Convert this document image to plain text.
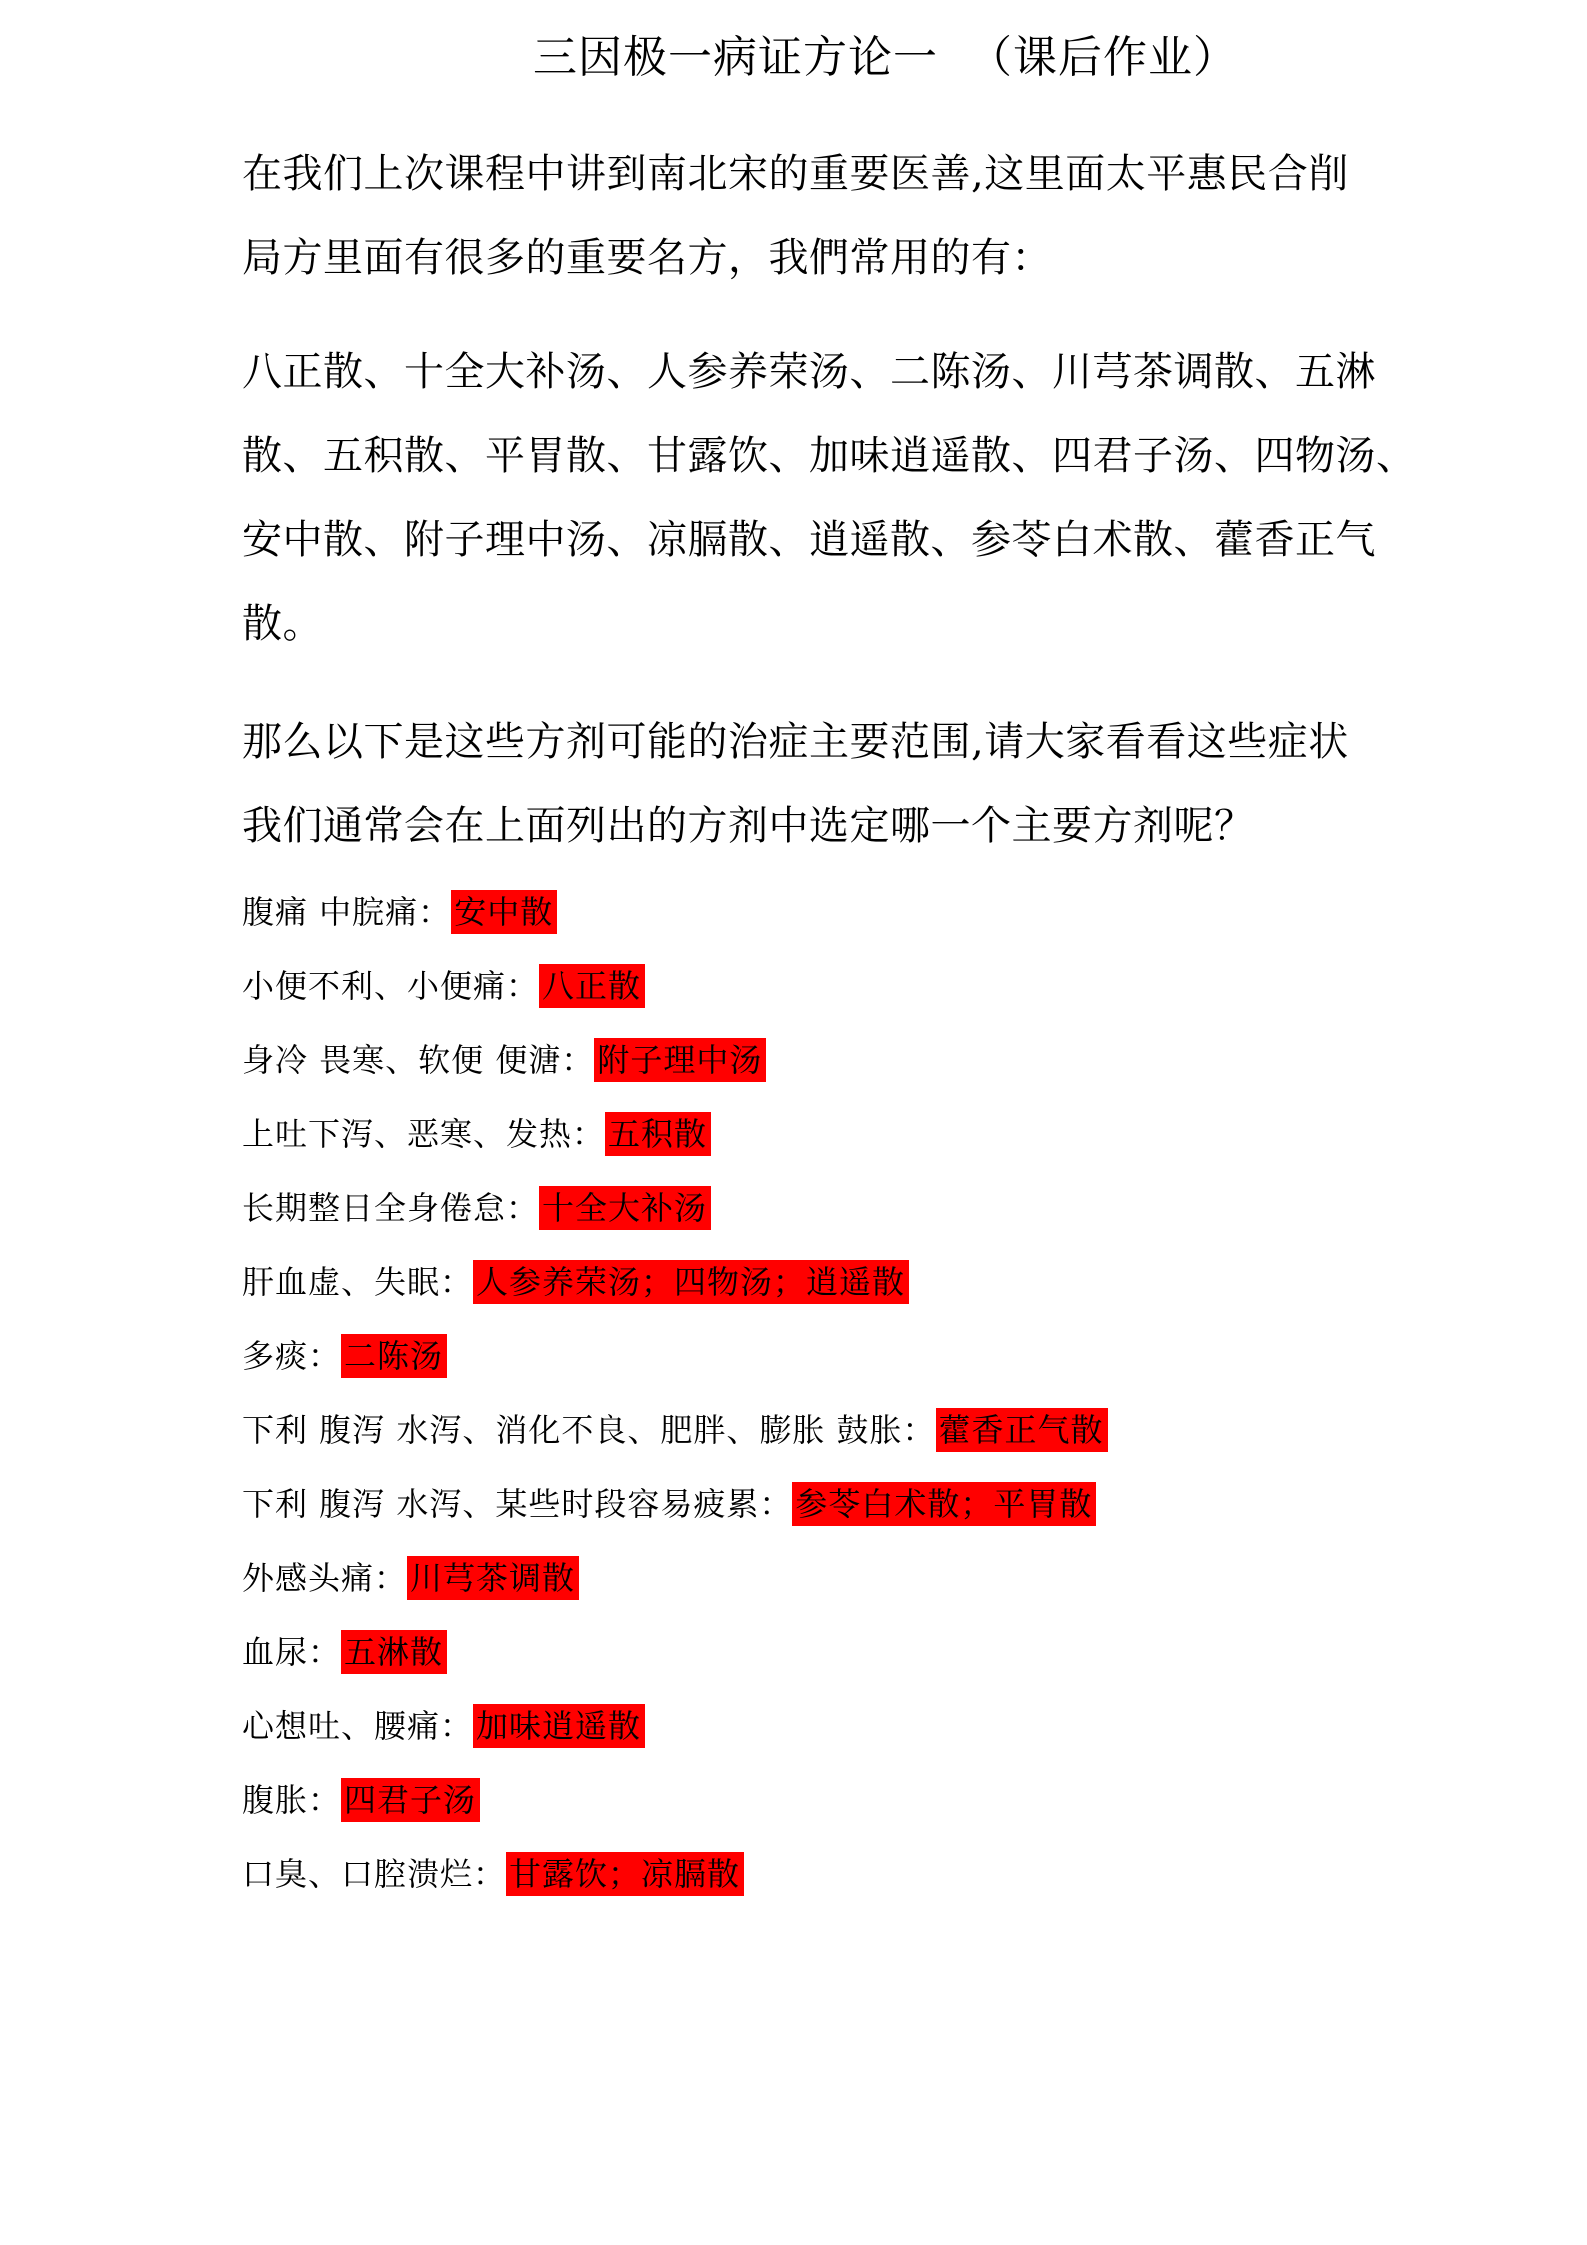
三因极一病证方论一 （课后作业）
在我们上次课程中讲到南北宋的重要医善,这里面太平惠民合削
局方里面有很多的重要名方，我們常用的有：
八正散、十全大补汤、人参养荣汤、二陈汤、川芎茶调散、五淋
散、五积散、平胃散、甘露饮、加味逍遥散、四君子汤、四物汤、
安中散、附子理中汤、凉膈散、逍遥散、参苓白术散、藿香正气
散。
那么以下是这些方剂可能的治症主要范围,请大家看看这些症状
我们通常会在上面列出的方剂中选定哪一个主要方剂呢？
腹痛 中脘痛：安中散
小便不利、小便痛：八正散
身冷 畏寒、软便 便溏：附子理中汤
上吐下泻、恶寒、发热：五积散
长期整日全身倦怠：十全大补汤
肝血虚、失眠：人参养荣汤；四物汤；逍遥散
多痰：二陈汤
下利 腹泻 水泻、消化不良、肥胖、膨胀 鼓胀：藿香正气散
下利 腹泻 水泻、某些时段容易疲累：参苓白术散；平胃散
外感头痛：川芎茶调散
血尿：五淋散
心想吐、腰痛：加味逍遥散
腹胀：四君子汤
口臭、口腔溃烂：甘露饮；凉膈散
